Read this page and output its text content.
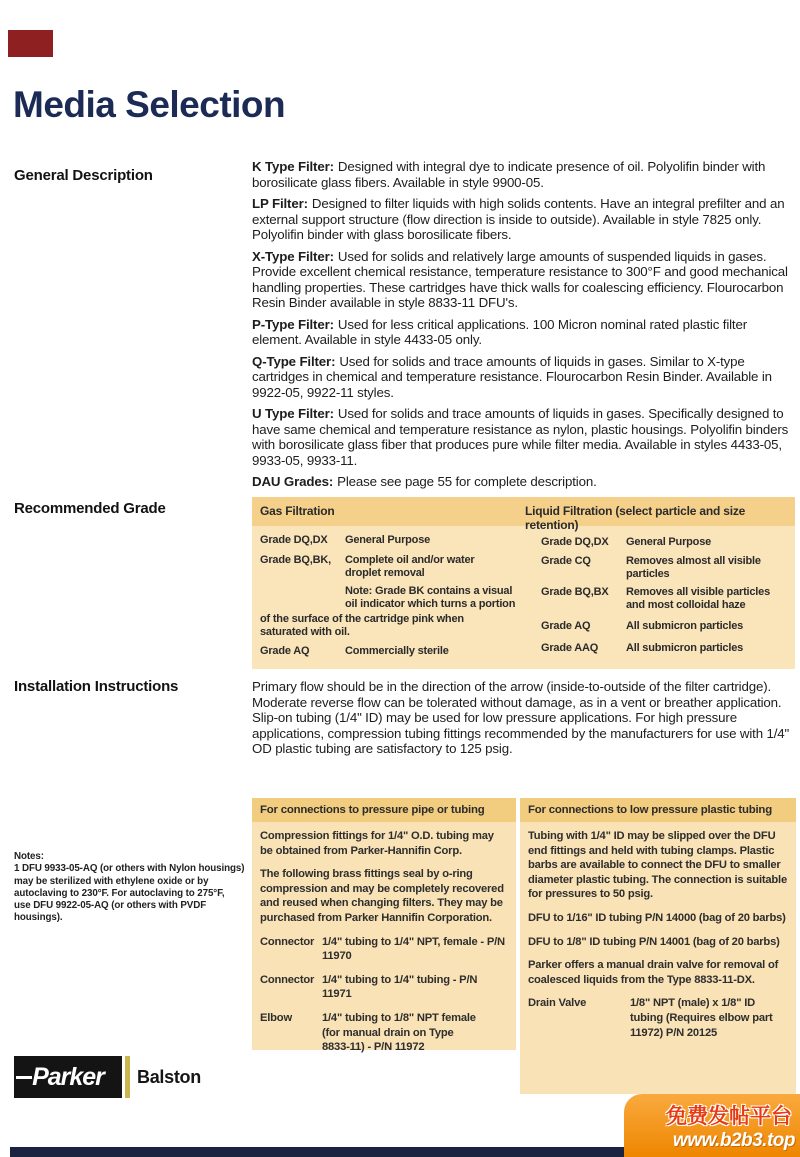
Media Selection
General Description
Recommended Grade
Installation Instructions

K Type Filter: Designed with integral dye to indicate presence of oil. Polyolifin binder with borosilicate glass fibers. Available in style 9900-05.

LP Filter: Designed to filter liquids with high solids contents. Have an integral prefilter and an external support structure (flow direction is inside to outside). Available in style 7825 only. Polyolifin binder with glass borosilicate fibers.

X-Type Filter: Used for solids and relatively large amounts of suspended liquids in gases. Provide excellent chemical resistance, temperature resistance to 300°F and good mechanical handling properties. These cartridges have thick walls for coalescing efficiency. Flourocarbon Resin Binder available in style 8833-11 DFU's.

P-Type Filter: Used for less critical applications. 100 Micron nominal rated plastic filter element. Available in style 4433-05 only.

Q-Type Filter: Used for solids and trace amounts of liquids in gases. Similar to X-type cartridges in chemical and temperature resistance. Flourocarbon Resin Binder. Available in 9922-05, 9922-11 styles.

U Type Filter: Used for solids and trace amounts of liquids in gases. Specifically designed to have same chemical and temperature resistance as nylon, plastic housings. Polyolifin binders with borosilicate glass fiber that produces pure while filter media. Available in styles 4433-05, 9933-05, 9933-11.

DAU Grades: Please see page 55 for complete description.

Gas Filtration	Liquid Filtration (select particle and size retention)
Grade DQ,DX	General Purpose
Grade BQ,BK,	Complete oil and/or water droplet removal
Note: Grade BK contains a visual oil indicator which turns a portion
of the surface of the cartridge pink when saturated with oil.
Grade AQ	Commercially sterile
Grade DQ,DX	General Purpose
Grade CQ	Removes almost all visible particles
Grade BQ,BX	Removes all visible particles and most colloidal haze
Grade AQ	All submicron particles
Grade AAQ	All submicron particles
Primary flow should be in the direction of the arrow (inside-to-outside of the filter cartridge). Moderate reverse flow can be tolerated without damage, as in a vent or breather application. Slip-on tubing (1/4" ID) may be used for low pressure applications. For high pressure applications, compression tubing fittings recommended by the manufacturers for use with 1/4" OD plastic tubing are satisfactory to 125 psig.
Notes:
1 DFU 9933-05-AQ (or others with Nylon housings) may be sterilized with ethylene oxide or by autoclaving to 230°F. For autoclaving to 275°F,
use DFU 9922-05-AQ (or others with PVDF housings).
For connections to pressure pipe or tubing

Compression fittings for 1/4" O.D. tubing may be obtained from Parker-Hannifin Corp.

The following brass fittings seal by o-ring compression and may be completely recovered and reused when changing filters. They may be purchased from Parker Hannifin Corporation.

Connector 1/4" tubing to 1/4" NPT, female - P/N 11970
Connector 1/4" tubing to 1/4" tubing - P/N 11971
Elbow	1/4" tubing to 1/8" NPT female (for manual drain on Type 8833-11) - P/N 11972
For connections to low pressure plastic tubing

Tubing with 1/4" ID may be slipped over the DFU end fittings and held with tubing clamps. Plastic barbs are available to connect the DFU to smaller diameter plastic tubing. The connection is suitable for pressures to 50 psig.

DFU to 1/16" ID tubing P/N 14000 (bag of 20 barbs)
DFU to 1/8" ID tubing P/N 14001 (bag of 20 barbs)

Parker offers a manual drain valve for removal of coalesced liquids from the Type 8833-11-DX.

Drain Valve	1/8" NPT (male) x 1/8" ID tubing (Requires elbow part 11972) P/N 20125
Parker Balston
免费发帖平台
www.b2b3.top
